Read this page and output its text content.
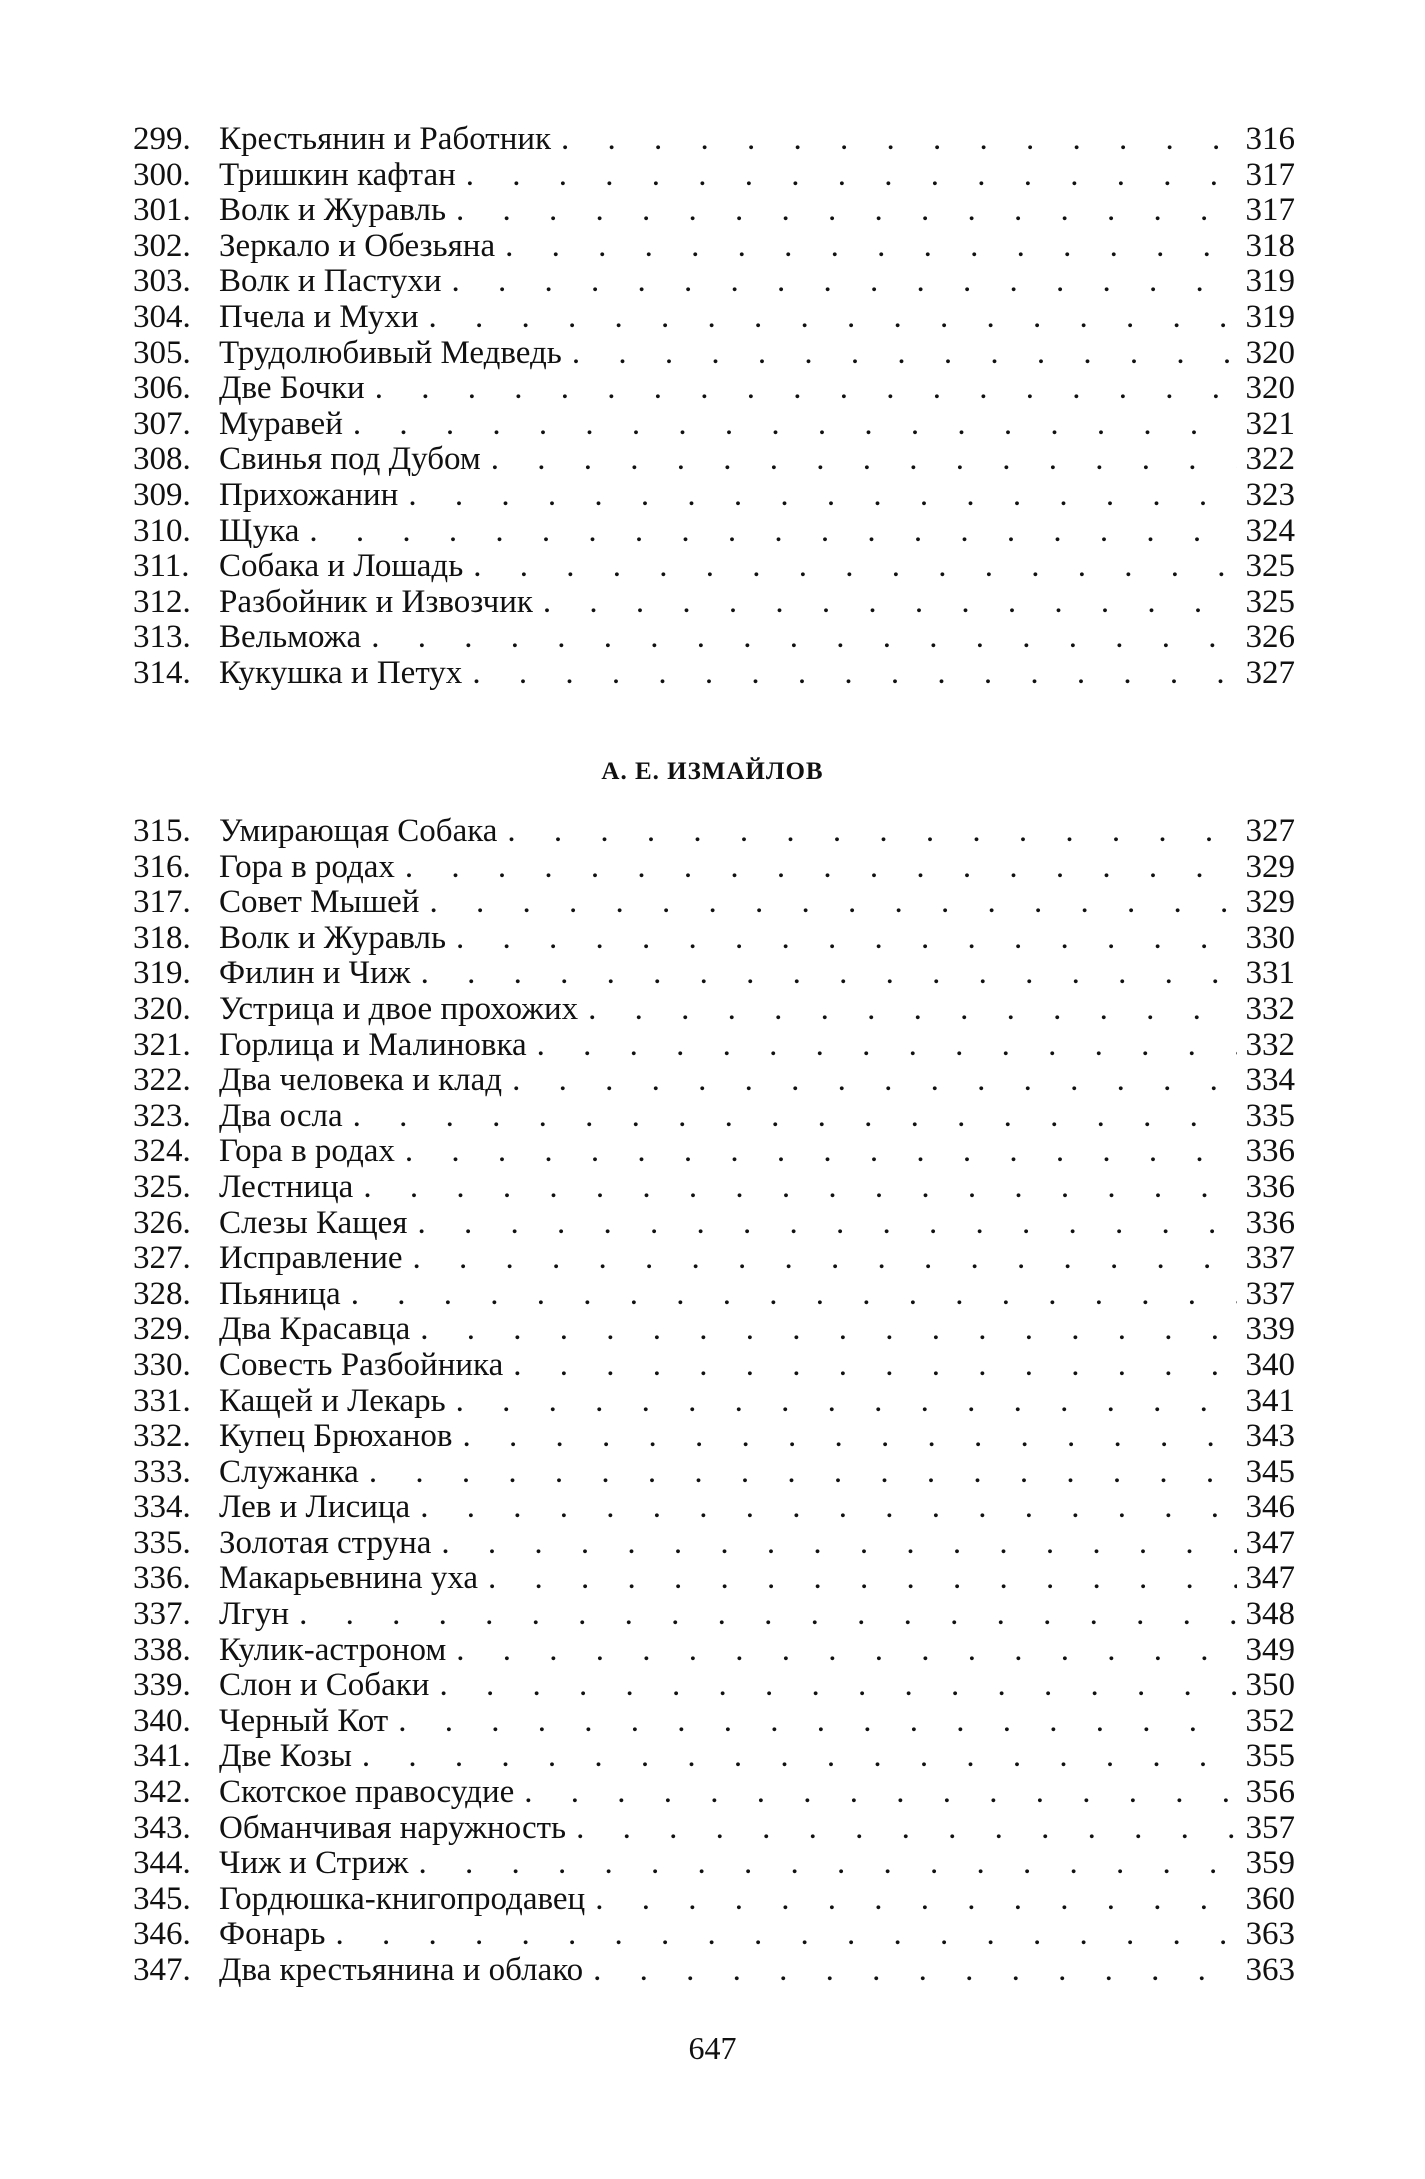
299. Крестьянин и Работник . . .	316
300. Тришкин кафтан . . .	317
301. Волк и Журавль . . .	317
302. Зеркало и Обезьяна . . .	318
303. Волк и Пастухи . . .	319
304. Пчела и Мухи . . .	319
305. Трудолюбивый Медведь . . .	320
306. Две Бочки . . .	320
307. Муравей . . .	321
308. Свинья под Дубом . . .	322
309. Прихожанин . . .	323
310. Щука . . .	324
311. Собака и Лошадь . . .	325
312. Разбойник и Извозчик . . .	325
313. Вельможа . . .	326
314. Кукушка и Петух . . .	327
А. Е. ИЗМАЙЛОВ
315. Умирающая Собака . . .	327
316. Гора в родах . . .	329
317. Совет Мышей . . .	329
318. Волк и Журавль . . .	330
319. Филин и Чиж . . .	331
320. Устрица и двое прохожих . . .	332
321. Горлица и Малиновка . . .	332
322. Два человека и клад . . .	334
323. Два осла . . .	335
324. Гора в родах . . .	336
325. Лестница . . .	336
326. Слезы Кащея . . .	336
327. Исправление . . .	337
328. Пьяница . . .	337
329. Два Красавца . . .	339
330. Совесть Разбойника . . .	340
331. Кащей и Лекарь . . .	341
332. Купец Брюханов . . .	343
333. Служанка . . .	345
334. Лев и Лисица . . .	346
335. Золотая струна . . .	347
336. Макарьевнина уха . . .	347
337. Лгун . . .	348
338. Кулик-астроном . . .	349
339. Слон и Собаки . . .	350
340. Черный Кот . . .	352
341. Две Козы . . .	355
342. Скотское правосудие . . .	356
343. Обманчивая наружность . . .	357
344. Чиж и Стриж . . .	359
345. Гордюшка-книгопродавец . . .	360
346. Фонарь . . .	363
347. Два крестьянина и облако . . .	363
647
